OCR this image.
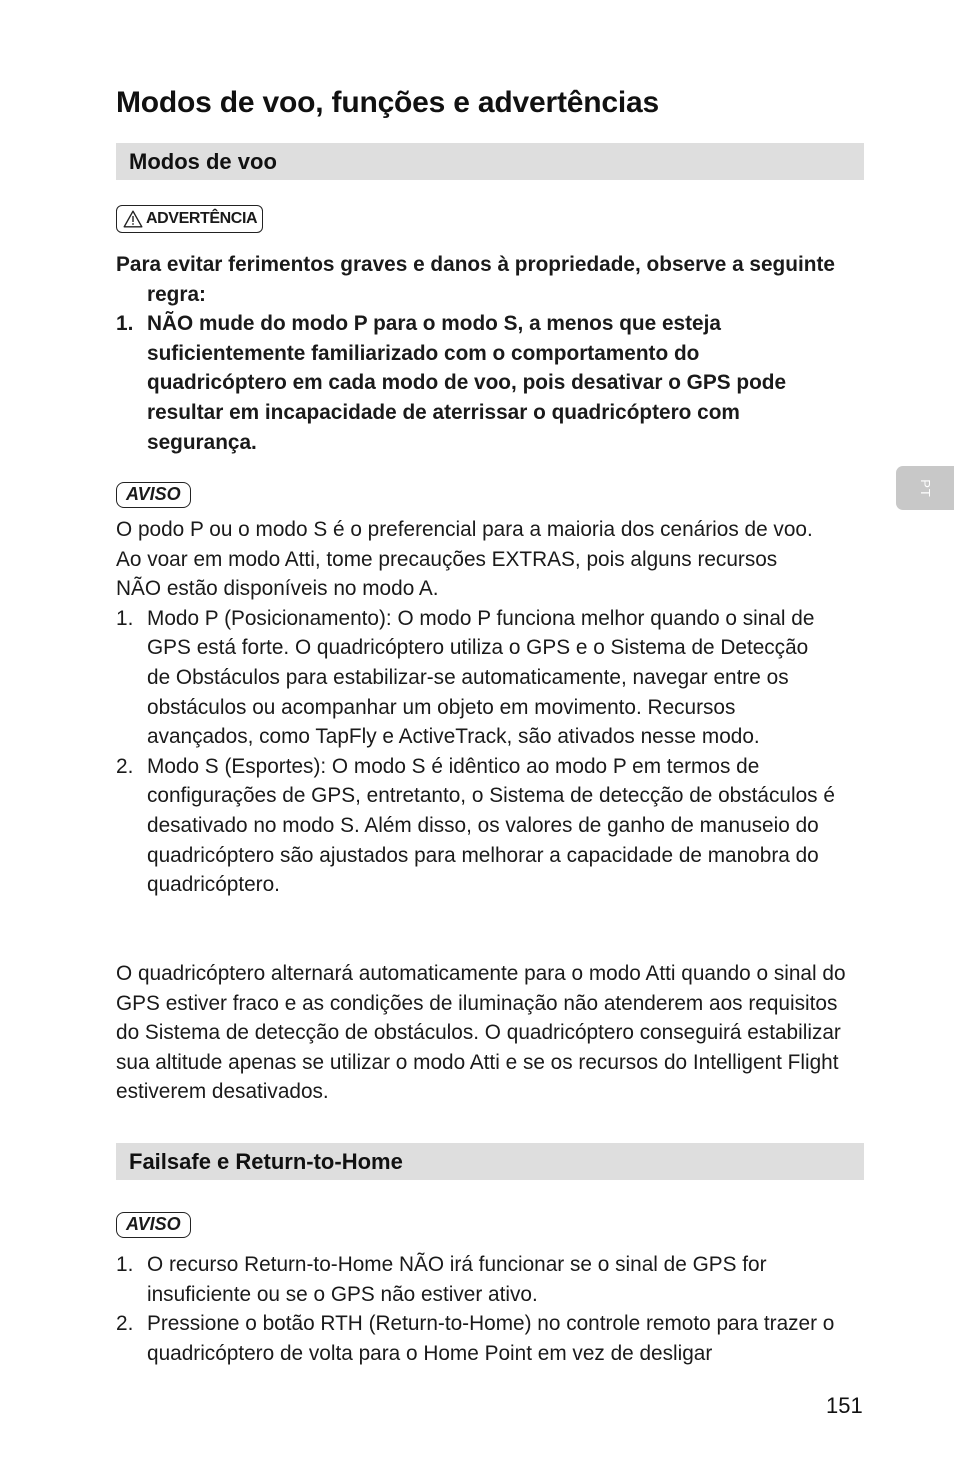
Modos de voo, funções e advertências
Modos de voo
ADVERTÊNCIA

Para evitar ferimentos graves e danos à propriedade, observe a seguinte regra:

1. NÃO mude do modo P para o modo S, a menos que esteja suficientemente familiarizado com o comportamento do quadricóptero em cada modo de voo, pois desativar o GPS pode resultar em incapacidade de aterrissar o quadricóptero com segurança.
AVISO

O podo P ou o modo S é o preferencial para a maioria dos cenários de voo. Ao voar em modo Atti, tome precauções EXTRAS, pois alguns recursos NÃO estão disponíveis no modo A.

1. Modo P (Posicionamento): O modo P funciona melhor quando o sinal de GPS está forte. O quadricóptero utiliza o GPS e o Sistema de Detecção de Obstáculos para estabilizar-se automaticamente, navegar entre os obstáculos ou acompanhar um objeto em movimento. Recursos avançados, como TapFly e ActiveTrack, são ativados nesse modo.
2. Modo S (Esportes): O modo S é idêntico ao modo P em termos de configurações de GPS, entretanto, o Sistema de detecção de obstáculos é desativado no modo S. Além disso, os valores de ganho de manuseio do quadricóptero são ajustados para melhorar a capacidade de manobra do quadricóptero.

O quadricóptero alternará automaticamente para o modo Atti quando o sinal do GPS estiver fraco e as condições de iluminação não atenderem aos requisitos do Sistema de detecção de obstáculos. O quadricóptero conseguirá estabilizar sua altitude apenas se utilizar o modo Atti e se os recursos do Intelligent Flight estiverem desativados.

Failsafe e Return-to-Home
AVISO
1. O recurso Return-to-Home NÃO irá funcionar se o sinal de GPS for insuficiente ou se o GPS não estiver ativo.
2. Pressione o botão RTH (Return-to-Home) no controle remoto para trazer o quadricóptero de volta para o Home Point em vez de desligar
PT
151
